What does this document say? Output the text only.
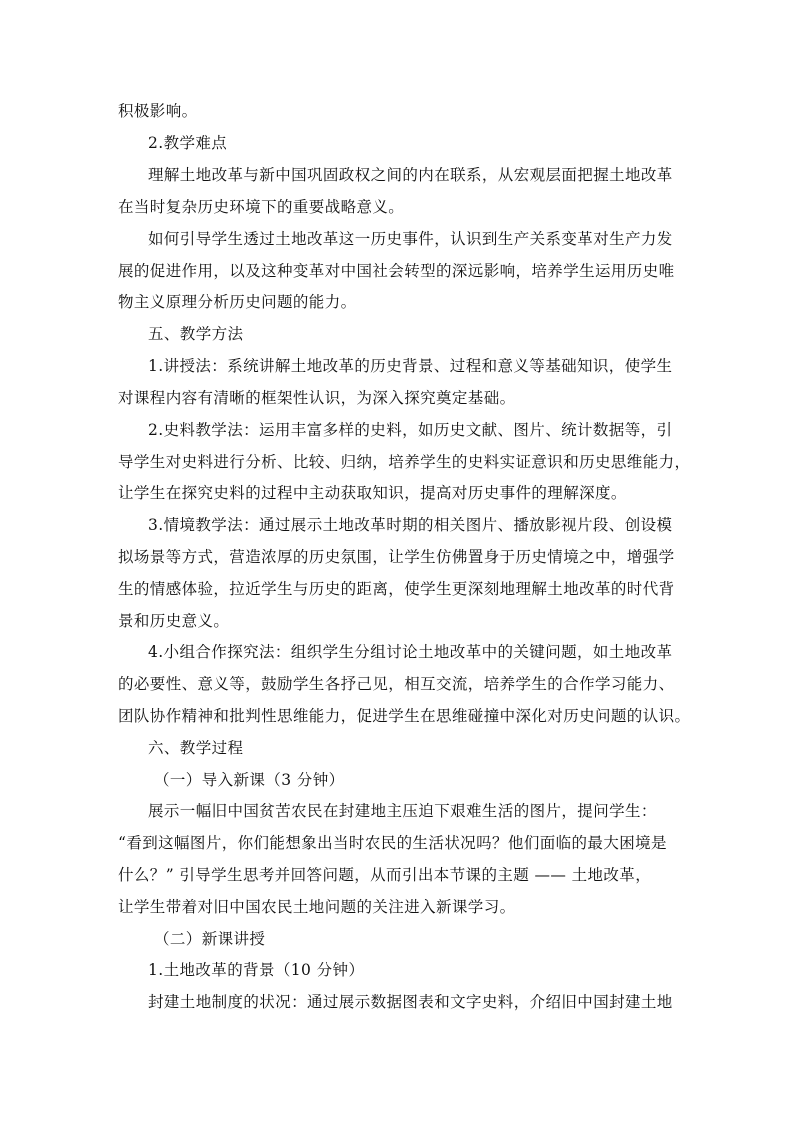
积极影响。
2.教学难点
理解土地改革与新中国巩固政权之间的内在联系，从宏观层面把握土地改革
在当时复杂历史环境下的重要战略意义。
如何引导学生透过土地改革这一历史事件，认识到生产关系变革对生产力发
展的促进作用，以及这种变革对中国社会转型的深远影响，培养学生运用历史唯
物主义原理分析历史问题的能力。
五、教学方法
1.讲授法：系统讲解土地改革的历史背景、过程和意义等基础知识，使学生
对课程内容有清晰的框架性认识，为深入探究奠定基础。
2.史料教学法：运用丰富多样的史料，如历史文献、图片、统计数据等，引
导学生对史料进行分析、比较、归纳，培养学生的史料实证意识和历史思维能力，
让学生在探究史料的过程中主动获取知识，提高对历史事件的理解深度。
3.情境教学法：通过展示土地改革时期的相关图片、播放影视片段、创设模
拟场景等方式，营造浓厚的历史氛围，让学生仿佛置身于历史情境之中，增强学
生的情感体验，拉近学生与历史的距离，使学生更深刻地理解土地改革的时代背
景和历史意义。
4.小组合作探究法：组织学生分组讨论土地改革中的关键问题，如土地改革
的必要性、意义等，鼓励学生各抒己见，相互交流，培养学生的合作学习能力、
团队协作精神和批判性思维能力，促进学生在思维碰撞中深化对历史问题的认识。
六、教学过程
（一）导入新课（3 分钟）
展示一幅旧中国贫苦农民在封建地主压迫下艰难生活的图片，提问学生：
“看到这幅图片，你们能想象出当时农民的生活状况吗？他们面临的最大困境是
什么？” 引导学生思考并回答问题，从而引出本节课的主题 —— 土地改革，
让学生带着对旧中国农民土地问题的关注进入新课学习。
（二）新课讲授
1.土地改革的背景（10 分钟）
封建土地制度的状况：通过展示数据图表和文字史料，介绍旧中国封建土地
